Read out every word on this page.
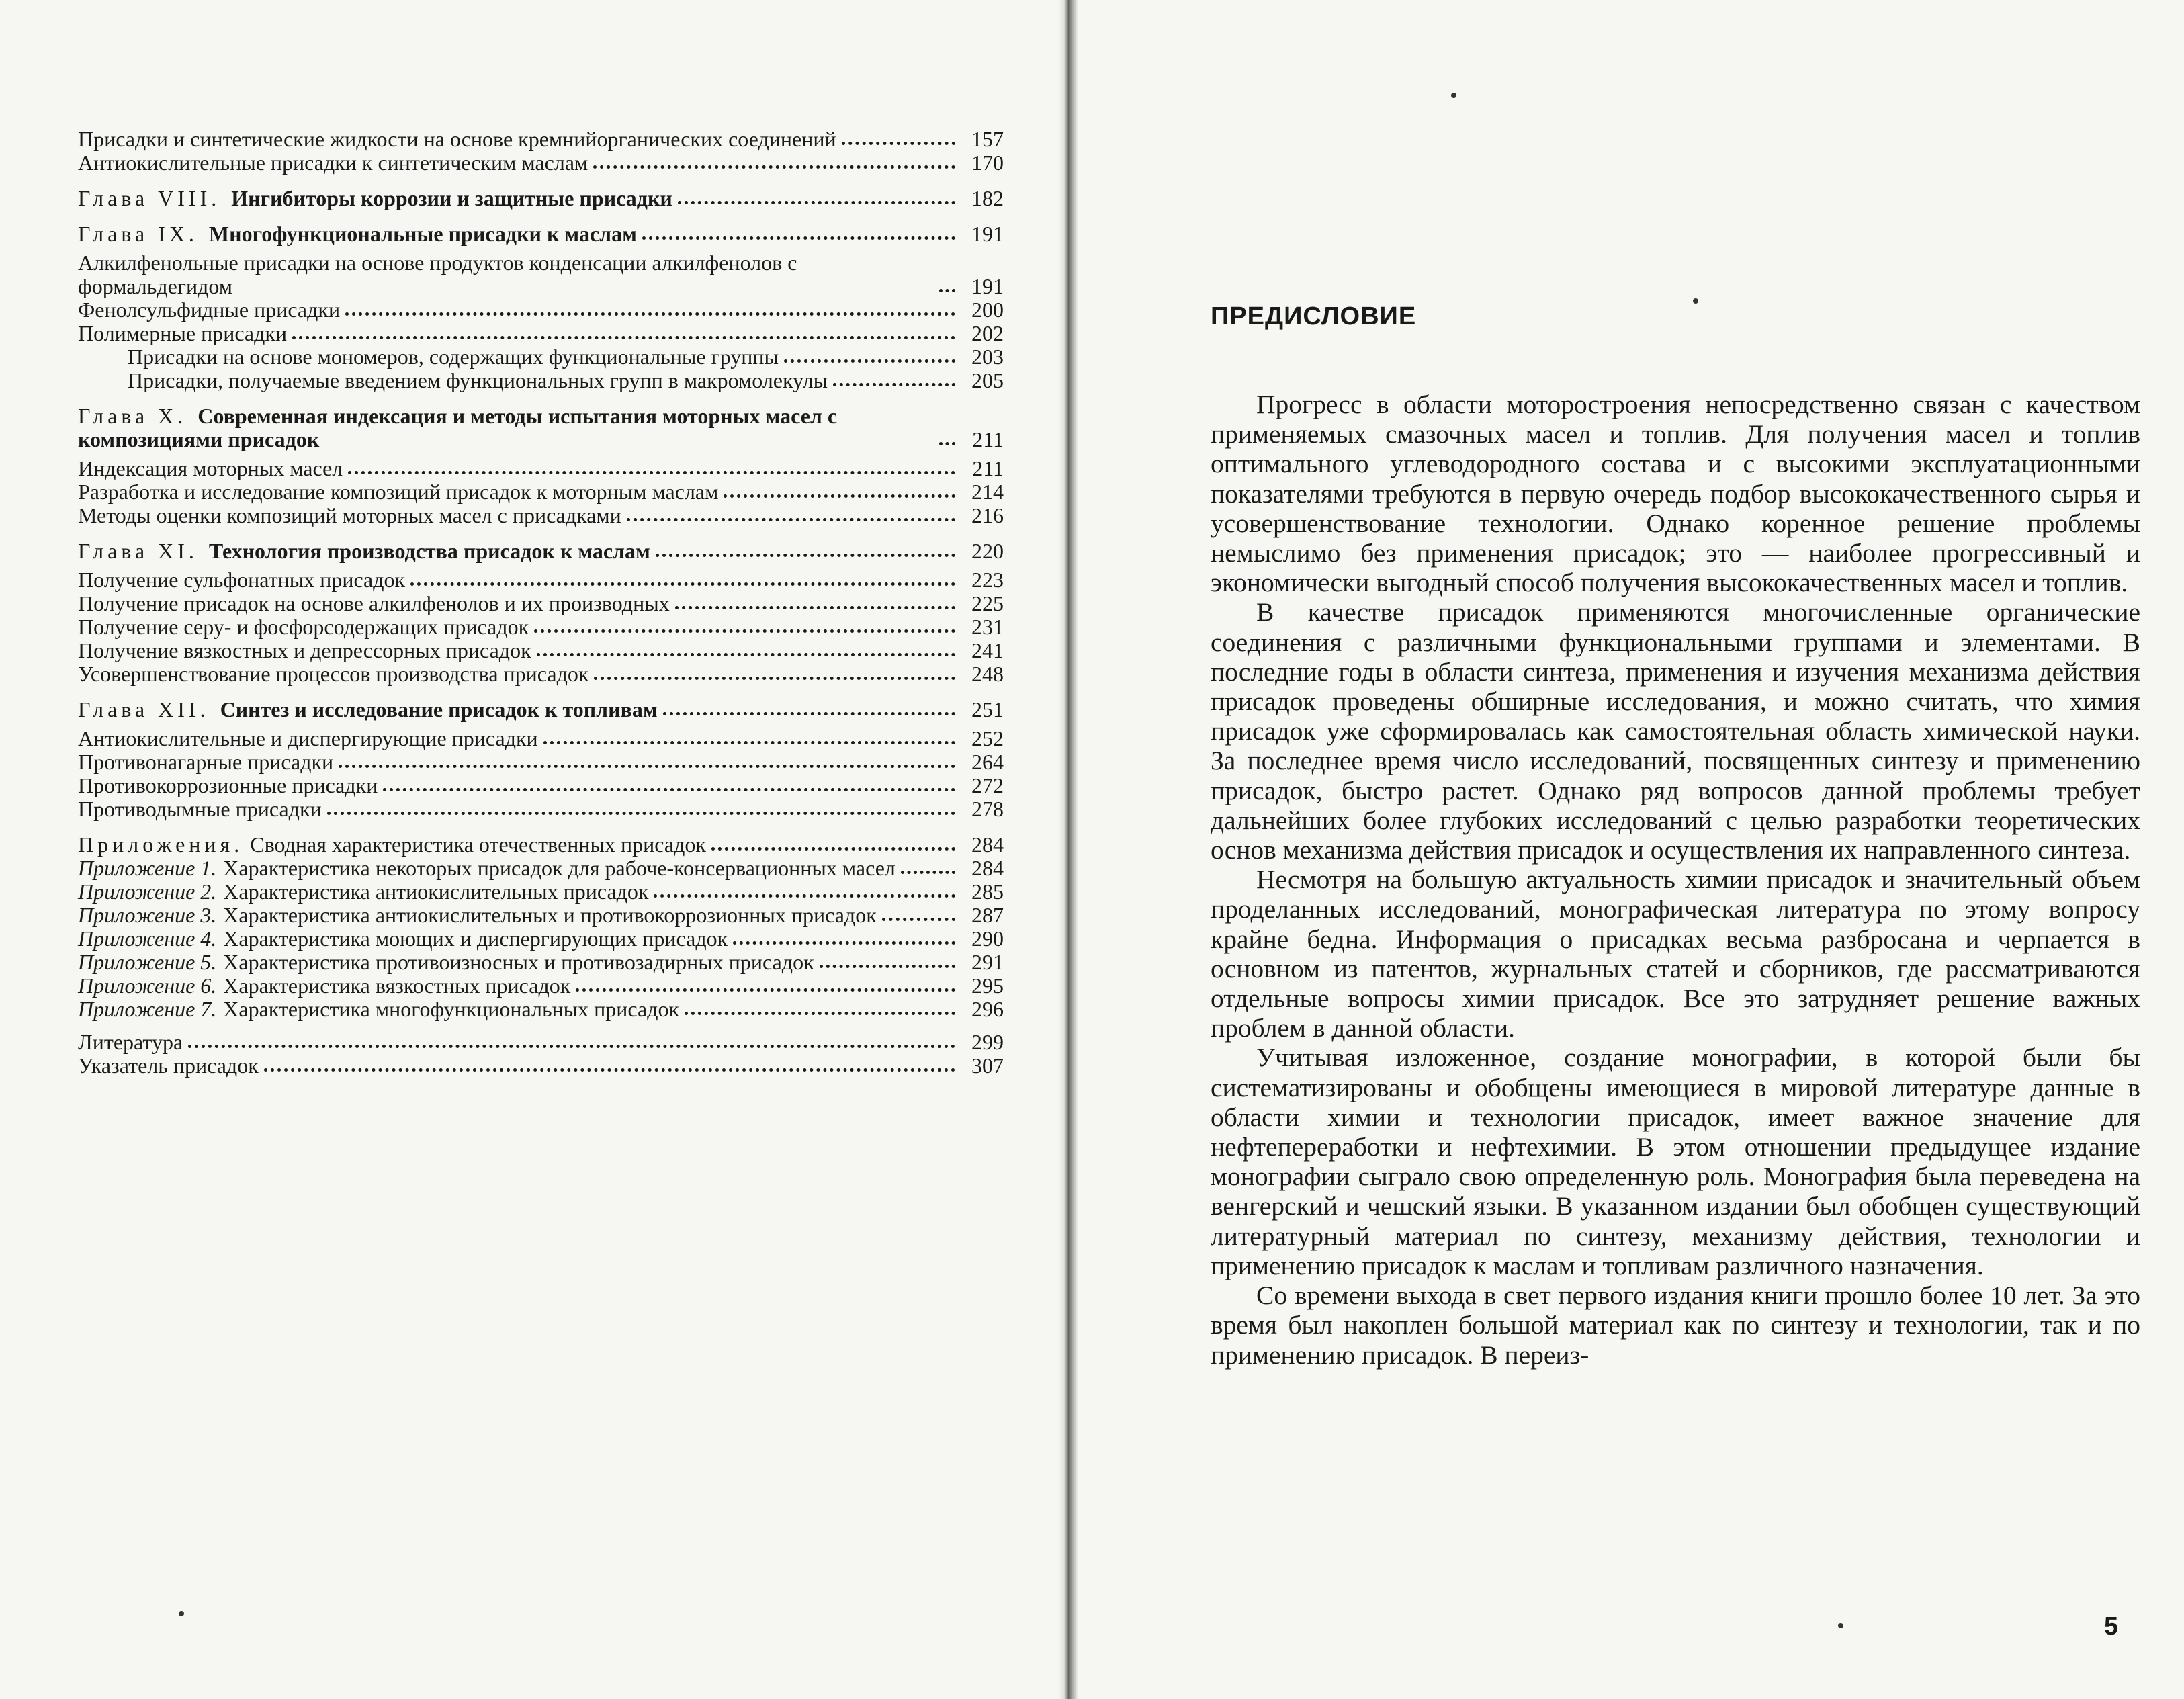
Присадки и синтетические жидкости на основе кремнийорганических соединений	157
Антиокислительные присадки к синтетическим маслам	170
Глава VIII. Ингибиторы коррозии и защитные присадки	182
Глава IX. Многофункциональные присадки к маслам	191
Алкилфенольные присадки на основе продуктов конденсации алкилфенолов с формальдегидом	191
Фенолсульфидные присадки	200
Полимерные присадки	202
Присадки на основе мономеров, содержащих функциональные группы	203
Присадки, получаемые введением функциональных групп в макромолекулы	205
Глава X. Современная индексация и методы испытания моторных масел с композициями присадок	211
Индексация моторных масел	211
Разработка и исследование композиций присадок к моторным маслам	214
Методы оценки композиций моторных масел с присадками	216
Глава XI. Технология производства присадок к маслам	220
Получение сульфонатных присадок	223
Получение присадок на основе алкилфенолов и их производных	225
Получение серу- и фосфорсодержащих присадок	231
Получение вязкостных и депрессорных присадок	241
Усовершенствование процессов производства присадок	248
Глава XII. Синтез и исследование присадок к топливам	251
Антиокислительные и диспергирующие присадки	252
Противонагарные присадки	264
Противокоррозионные присадки	272
Противодымные присадки	278
Приложения. Сводная характеристика отечественных присадок	284
Приложение 1. Характеристика некоторых присадок для рабоче-консервационных масел	284
Приложение 2. Характеристика антиокислительных присадок	285
Приложение 3. Характеристика антиокислительных и противокоррозионных присадок	287
Приложение 4. Характеристика моющих и диспергирующих присадок	290
Приложение 5. Характеристика противоизносных и противозадирных присадок	291
Приложение 6. Характеристика вязкостных присадок	295
Приложение 7. Характеристика многофункциональных присадок	296
Литература	299
Указатель присадок	307
ПРЕДИСЛОВИЕ

Прогресс в области моторостроения непосредственно связан с качеством применяемых смазочных масел и топлив. Для получения масел и топлив оптимального углеводородного состава и с высокими эксплуатационными показателями требуются в первую очередь подбор высококачественного сырья и усовершенствование технологии. Однако коренное решение проблемы немыслимо без применения присадок; это — наиболее прогрессивный и экономически выгодный способ получения высококачественных масел и топлив.

В качестве присадок применяются многочисленные органические соединения с различными функциональными группами и элементами. В последние годы в области синтеза, применения и изучения механизма действия присадок проведены обширные исследования, и можно считать, что химия присадок уже сформировалась как самостоятельная область химической науки. За последнее время число исследований, посвященных синтезу и применению присадок, быстро растет. Однако ряд вопросов данной проблемы требует дальнейших более глубоких исследований с целью разработки теоретических основ механизма действия присадок и осуществления их направленного синтеза.

Несмотря на большую актуальность химии присадок и значительный объем проделанных исследований, монографическая литература по этому вопросу крайне бедна. Информация о присадках весьма разбросана и черпается в основном из патентов, журнальных статей и сборников, где рассматриваются отдельные вопросы химии присадок. Все это затрудняет решение важных проблем в данной области.

Учитывая изложенное, создание монографии, в которой были бы систематизированы и обобщены имеющиеся в мировой литературе данные в области химии и технологии присадок, имеет важное значение для нефтепереработки и нефтехимии. В этом отношении предыдущее издание монографии сыграло свою определенную роль. Монография была переведена на венгерский и чешский языки. В указанном издании был обобщен существующий литературный материал по синтезу, механизму действия, технологии и применению присадок к маслам и топливам различного назначения.

Со времени выхода в свет первого издания книги прошло более 10 лет. За это время был накоплен большой материал как по синтезу и технологии, так и по применению присадок. В переиз-

5
